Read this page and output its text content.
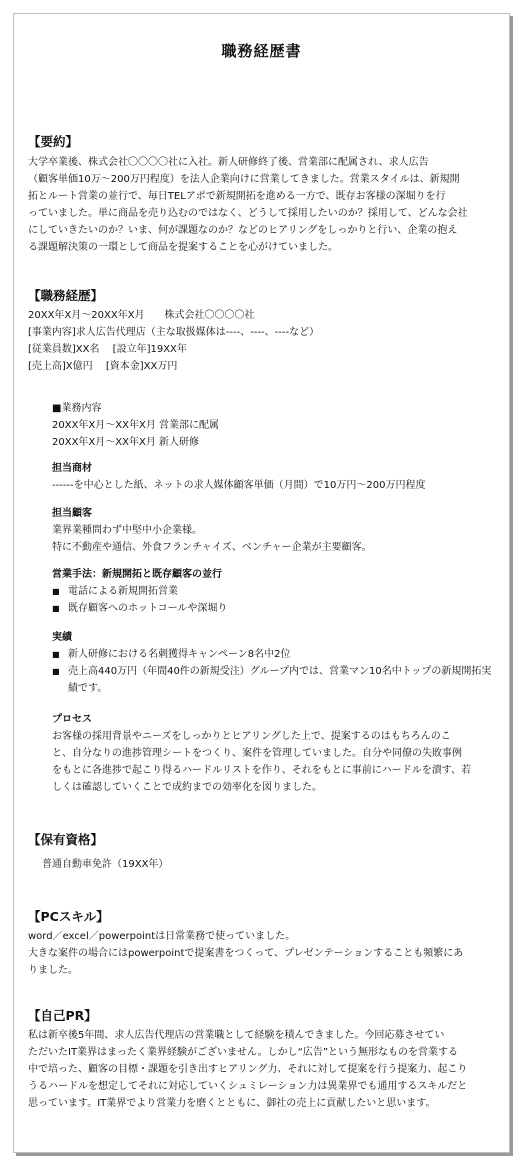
職務経歴書
【要約】
大学卒業後、株式会社〇〇〇〇社に入社。新人研修終了後、営業部に配属され、求人広告
（顧客単価10万～200万円程度）を法人企業向けに営業してきました。営業スタイルは、新規開
拓とルート営業の並行で、毎日TELアポで新規開拓を進める一方で、既存お客様の深堀りを行
っていました。単に商品を売り込むのではなく、どうして採用したいのか？採用して、どんな会社
にしていきたいのか？いま、何が課題なのか？などのヒアリングをしっかりと行い、企業の抱え
る課題解決策の一環として商品を提案することを心がけていました。
【職務経歴】
20XX年X月～20XX年X月　　株式会社〇〇〇〇社
[事業内容]求人広告代理店（主な取扱媒体は----、----、----など）
[従業員数]XX名　 [設立年]19XX年
[売上高]X億円　 [資本金]XX万円
■業務内容
20XX年X月～XX年X月 営業部に配属
20XX年X月～XX年X月 新人研修
担当商材
------を中心とした紙、ネットの求人媒体顧客単価（月間）で10万円～200万円程度
担当顧客
業界業種問わず中堅中小企業様。
特に不動産や通信、外食フランチャイズ、ベンチャー企業が主要顧客。
営業手法：新規開拓と既存顧客の並行
■ 電話による新規開拓営業
■ 既存顧客へのホットコールや深堀り
実績
■ 新人研修における名刺獲得キャンペーン8名中2位
■ 売上高440万円（年間40件の新規受注）グループ内では、営業マン10名中トップの新規開拓実績です。
プロセス
お客様の採用背景やニーズをしっかりとヒアリングした上で、提案するのはもちろんのこ
と、自分なりの進捗管理シートをつくり、案件を管理していました。自分や同僚の失敗事例
をもとに各進捗で起こり得るハードルリストを作り、それをもとに事前にハードルを潰す、若
しくは確認していくことで成約までの効率化を図りました。
【保有資格】
普通自動車免許（19XX年）
【PCスキル】
word／excel／powerpointは日常業務で使っていました。
大きな案件の場合にはpowerpointで提案書をつくって、プレゼンテーションすることも頻繁にあ
りました。
【自己PR】
私は新卒後5年間、求人広告代理店の営業職として経験を積んできました。今回応募させてい
ただいたIT業界はまったく業界経験がございません。しかし“広告”という無形なものを営業する
中で培った、顧客の目標・課題を引き出すヒアリング力、それに対して提案を行う提案力、起こり
うるハードルを想定してそれに対応していくシュミレーション力は異業界でも通用するスキルだと
思っています。IT業界でより営業力を磨くとともに、御社の売上に貢献したいと思います。
